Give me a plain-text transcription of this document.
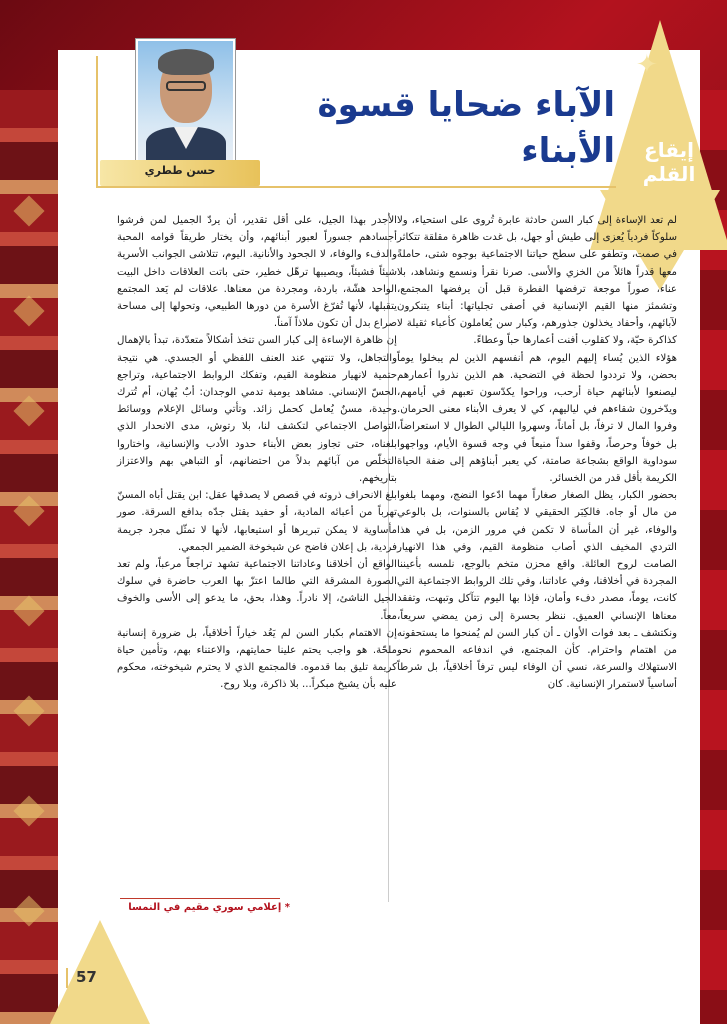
✦
إيقاع
القلم
الآباء ضحايا قسوة الأبناء
حسن ططري

لم تعد الإساءة إلى كبار السن حادثة عابرة تُروى على استحياء، ولا سلوكاً فردياً يُعزى إلى طيش أو جهل، بل غدت ظاهرة مقلقة تتكاثر في صمت، وتطفو على سطح حياتنا الاجتماعية بوجوه شتى، حاملةً معها قدراً هائلاً من الخزي والأسى. صرنا نقرأ ونسمع ونشاهد، بلا عناء، صوراً موجعة ترفضها الفطرة قبل أن يرفضها المجتمع، وتشمئز منها القيم الإنسانية في أصفى تجلياتها: أبناء يتنكرون لآبائهم، وأحفاد يخذلون جذورهم، وكبار سن يُعاملون كأعباء ثقيلة لا كذاكرة حيّة، ولا كقلوب أفنت أعمارها حباً وعطاءً.

هؤلاء الذين يُساء إليهم اليوم، هم أنفسهم الذين لم يبخلوا يوماً بحضن، ولا ترددوا لحظة في التضحية. هم الذين نذروا أعمارهم ليصنعوا لأبنائهم حياة أرحب، وراحوا يكدّسون تعبهم في أيامهم، ويدّخرون شقاءهم في لياليهم، كي لا يعرف الأبناء معنى الحرمان. وفروا المال لا ترفاً، بل أماناً، وسهروا الليالي الطوال لا استعراضاً، بل خوفاً وحرصاً، وقفوا سداً منيعاً في وجه قسوة الأيام، وواجهوا سوداوية الواقع بشجاعة صامتة، كي يعبر أبناؤهم إلى ضفة الحياة الكريمة بأقل قدر من الخسائر.

بحضور الكبار، يظل الصغار صغاراً مهما ادّعوا النضج، ومهما بلغوا من مال أو جاه. فالكِبَر الحقيقي لا يُقاس بالسنوات، بل بالوعي والوفاء، غير أن المأساة لا تكمن في مرور الزمن، بل في هذا التردي المخيف الذي أصاب منظومة القيم، وفي هذا الانهيار الصامت لروح العائلة. واقع محزن متخم بالوجع، نلمسه بأعيننا المجردة في أخلاقنا، وفي عاداتنا، وفي تلك الروابط الاجتماعية التي كانت، يوماً، مصدر دفء وأمان، فإذا بها اليوم تتآكل وتبهت، وتفقد معناها الإنساني العميق. ننظر بحسرة إلى زمن يمضي سريعاً، ونكتشف ـ بعد فوات الأوان ـ أن كبار السن لم يُمنحوا ما يستحقونه من اهتمام واحترام. كأن المجتمع، في اندفاعه المحموم نحو الاستهلاك والسرعة، نسي أن الوفاء ليس ترفاً أخلاقياً، بل شرطاً أساسياً لاستمرار الإنسانية. كان

الأجدر بهذا الجيل، على أقل تقدير، أن يردّ الجميل لمن فرشوا أجسادهم جسوراً لعبور أبنائهم، وأن يختار طريقاً قوامه المحبة والدفء والوفاء، لا الجحود والأنانية. اليوم، تتلاشى الجوانب الأسرية شيئاً فشيئاً، ويصيبها ترهّل خطير، حتى باتت العلاقات داخل البيت الواحد هشّة، باردة، ومجردة من معناها. علاقات لم يَعد المجتمع يتقبلها، لأنها تُفرّغ الأسرة من دورها الطبيعي، وتحولها إلى مساحة صراع بدل أن تكون ملاذاً آمناً.

إن ظاهرة الإساءة إلى كبار السن تتخذ أشكالاً متعدّدة، تبدأ بالإهمال والتجاهل، ولا تنتهي عند العنف اللفظي أو الجسدي. هي نتيجة حتمية لانهيار منظومة القيم، وتفكك الروابط الاجتماعية، وتراجع الحسّ الإنساني. مشاهد يومية تدمي الوجدان: أبٌ يُهان، أم تُترك وحيدة، مسنٌ يُعامل كحمل زائد. وتأتي وسائل الإعلام ووسائط التواصل الاجتماعي لتكشف لنا، بلا رتوش، مدى الانحدار الذي بلغناه، حتى تجاوز بعض الأبناء حدود الأدب والإنسانية، واختاروا التخلّص من آبائهم بدلاً من احتضانهم، أو التباهي بهم والاعتزاز بتاريخهم.

بلغ الانحراف ذروته في قصص لا يصدقها عقل: ابن يقتل أباه المسنّ تهرباً من أعبائه المادية، أو حفيد يقتل جدّه بدافع السرقة. صور مأساوية لا يمكن تبريرها أو استيعابها، لأنها لا تمثّل مجرد جريمة فردية، بل إعلان فاضح عن شيخوخة الضمير الجمعي.

الواقع أن أخلاقنا وعاداتنا الاجتماعية تشهد تراجعاً مرعباً، ولم تعد الصورة المشرقة التي طالما اعتزّ بها العرب حاضرة في سلوك الجيل الناشئ، إلا نادراً. وهذا، بحق، ما يدعو إلى الأسى والخوف معاً.

إن الاهتمام بكبار السن لم يَعُد خياراً أخلاقياً، بل ضرورة إنسانية ملحّة. هو واجب يحتم علينا حمايتهم، والاعتناء بهم، وتأمين حياة كريمة تليق بما قدموه. فالمجتمع الذي لا يحترم شيخوخته، محكوم عليه بأن يشيخ مبكراً... بلا ذاكرة، وبلا روح.

* إعلامي سوري مقيم في النمسا
57
